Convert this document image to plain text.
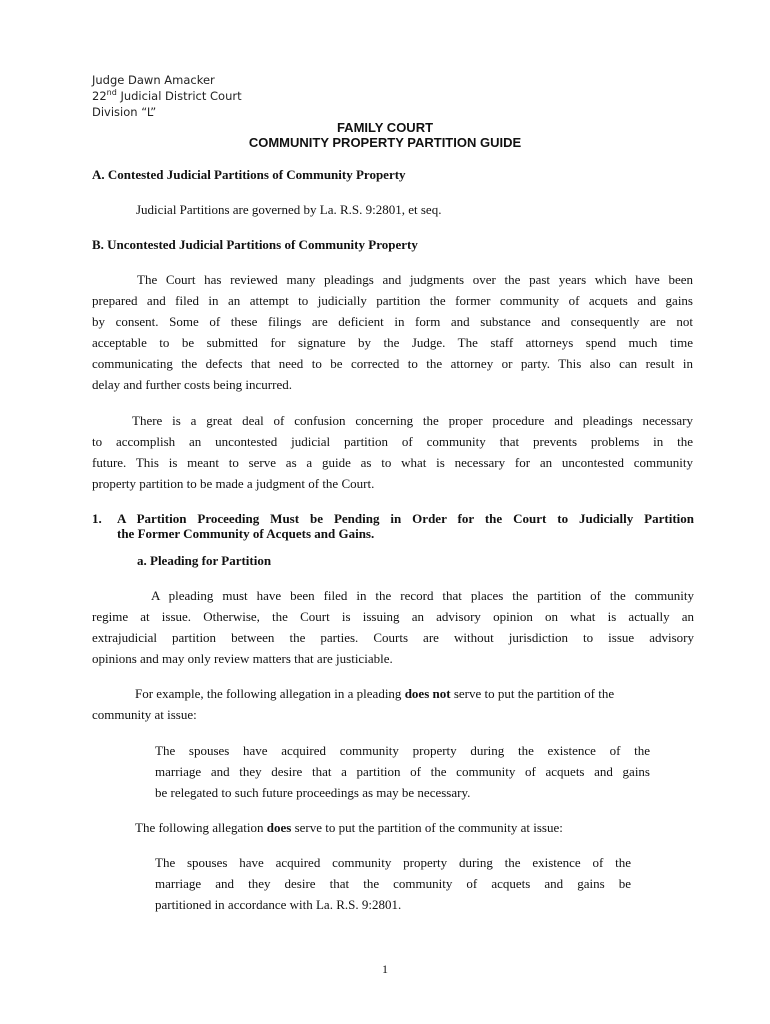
Judge Dawn Amacker
22nd Judicial District Court
Division “L”
FAMILY COURT
COMMUNITY PROPERTY PARTITION GUIDE
A. Contested Judicial Partitions of Community Property
Judicial Partitions are governed by La. R.S. 9:2801, et seq.
B. Uncontested Judicial Partitions of Community Property
The Court has reviewed many pleadings and judgments over the past years which have been
prepared and filed in an attempt to judicially partition the former community of acquets and gains
by consent. Some of these filings are deficient in form and substance and consequently are not
acceptable to be submitted for signature by the Judge. The staff attorneys spend much time
communicating the defects that need to be corrected to the attorney or party. This also can result in
delay and further costs being incurred.
There is a great deal of confusion concerning the proper procedure and pleadings necessary
to accomplish an uncontested judicial partition of community that prevents problems in the
future. This is meant to serve as a guide as to what is necessary for an uncontested community
property partition to be made a judgment of the Court.
1. A Partition Proceeding Must be Pending in Order for the Court to Judicially Partition
the Former Community of Acquets and Gains.
a. Pleading for Partition
A pleading must have been filed in the record that places the partition of the community
regime at issue. Otherwise, the Court is issuing an advisory opinion on what is actually an
extrajudicial partition between the parties. Courts are without jurisdiction to issue advisory
opinions and may only review matters that are justiciable.
For example, the following allegation in a pleading does not serve to put the partition of the
community at issue:
The spouses have acquired community property during the existence of the
marriage and they desire that a partition of the community of acquets and gains
be relegated to such future proceedings as may be necessary.
The following allegation does serve to put the partition of the community at issue:
The spouses have acquired community property during the existence of the
marriage and they desire that the community of acquets and gains be
partitioned in accordance with La. R.S. 9:2801.
1
